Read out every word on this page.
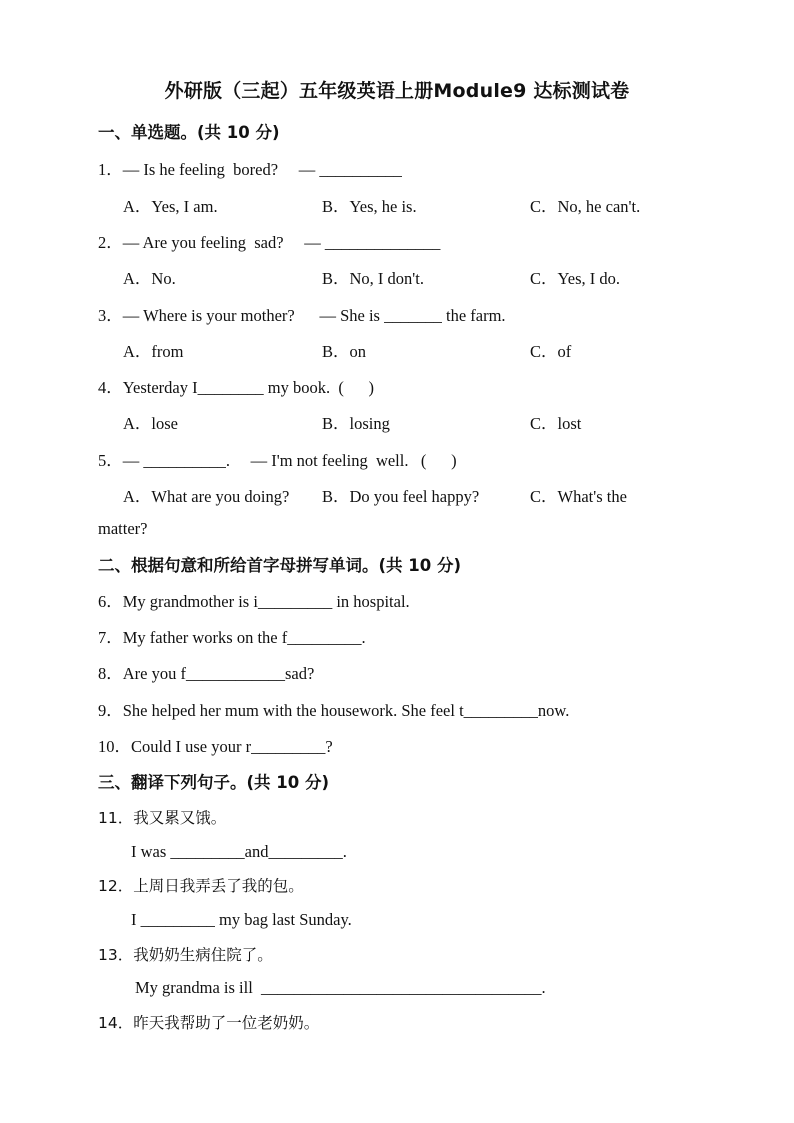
外研版（三起）五年级英语上册Module9 达标测试卷
一、单选题。(共 10 分)
1．— Is he feeling  bored?     — __________
A．Yes, I am.	B．Yes, he is.	C．No, he can't.
2．— Are you feeling  sad?     — ______________
A．No.	B．No, I don't.	C．Yes, I do.
3．— Where is your mother?      — She is _______ the farm.
A．from	B．on	C．of
4．Yesterday I________ my book.  (      )
A．lose	B．losing	C．lost
5．— __________.     — I'm not feeling  well.   (      )
A．What are you doing? B．Do you feel happy?	C．What's the
matter?
二、根据句意和所给首字母拼写单词。(共 10 分)
6．My grandmother is i_________ in hospital.
7．My father works on the f_________.
8．Are you f____________sad?
9．She helped her mum with the housework. She feel t_________now.
10．Could I use your r_________?
三、翻译下列句子。(共 10 分)
11．我又累又饿。
I was _________and_________.
12．上周日我弄丢了我的包。
I _________ my bag last Sunday.
13．我奶奶生病住院了。
My grandma is ill  __________________________________.
14．昨天我帮助了一位老奶奶。
